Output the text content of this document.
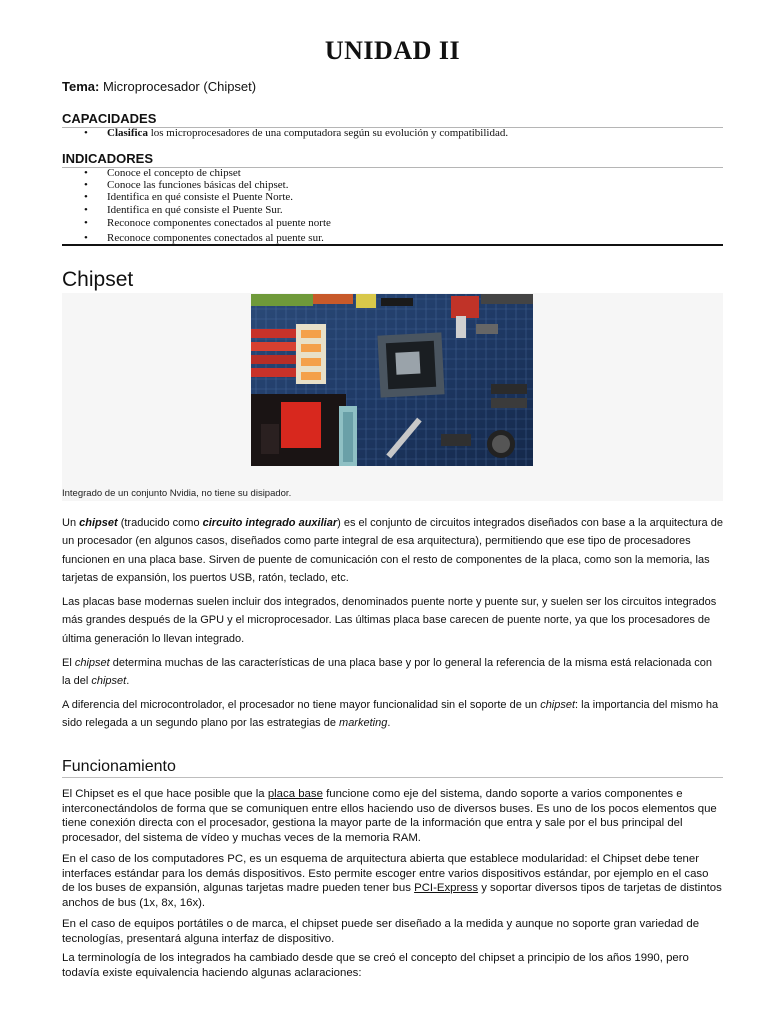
UNIDAD II
Tema: Microprocesador (Chipset)
CAPACIDADES
• Clasifica los microprocesadores de una computadora según su evolución y compatibilidad.
INDICADORES
• Conoce el concepto de chipset
• Conoce las funciones básicas del chipset.
• Identifica en qué consiste el Puente Norte.
• Identifica en qué consiste el Puente Sur.
• Reconoce componentes conectados al puente norte
• Reconoce componentes conectados al puente sur.
Chipset
Integrado de un conjunto Nvidia, no tiene su disipador.

Un chipset (traducido como circuito integrado auxiliar) es el conjunto de circuitos integrados diseñados con base a la arquitectura de un procesador (en algunos casos, diseñados como parte integral de esa arquitectura), permitiendo que ese tipo de procesadores funcionen en una placa base. Sirven de puente de comunicación con el resto de componentes de la placa, como son la memoria, las tarjetas de expansión, los puertos USB, ratón, teclado, etc.

Las placas base modernas suelen incluir dos integrados, denominados puente norte y puente sur, y suelen ser los circuitos integrados más grandes después de la GPU y el microprocesador. Las últimas placa base carecen de puente norte, ya que los procesadores de última generación lo llevan integrado.

El chipset determina muchas de las características de una placa base y por lo general la referencia de la misma está relacionada con la del chipset.

A diferencia del microcontrolador, el procesador no tiene mayor funcionalidad sin el soporte de un chipset: la importancia del mismo ha sido relegada a un segundo plano por las estrategias de marketing.

Funcionamiento

El Chipset es el que hace posible que la placa base funcione como eje del sistema, dando soporte a varios componentes e interconectándolos de forma que se comuniquen entre ellos haciendo uso de diversos buses. Es uno de los pocos elementos que tiene conexión directa con el procesador, gestiona la mayor parte de la información que entra y sale por el bus principal del procesador, del sistema de vídeo y muchas veces de la memoria RAM.

En el caso de los computadores PC, es un esquema de arquitectura abierta que establece modularidad: el Chipset debe tener interfaces estándar para los demás dispositivos. Esto permite escoger entre varios dispositivos estándar, por ejemplo en el caso de los buses de expansión, algunas tarjetas madre pueden tener bus PCI-Express y soportar diversos tipos de tarjetas de distintos anchos de bus (1x, 8x, 16x).

En el caso de equipos portátiles o de marca, el chipset puede ser diseñado a la medida y aunque no soporte gran variedad de tecnologías, presentará alguna interfaz de dispositivo.

La terminología de los integrados ha cambiado desde que se creó el concepto del chipset a principio de los años 1990, pero todavía existe equivalencia haciendo algunas aclaraciones:
